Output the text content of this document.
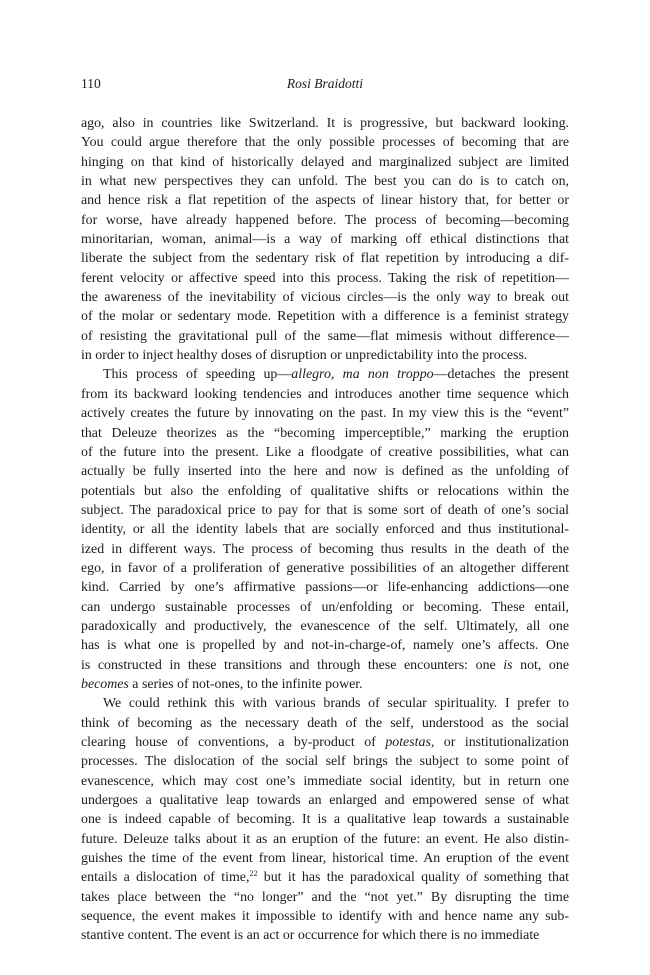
110	Rosi Braidotti
ago, also in countries like Switzerland. It is progressive, but backward looking.
You could argue therefore that the only possible processes of becoming that are
hinging on that kind of historically delayed and marginalized subject are limited
in what new perspectives they can unfold. The best you can do is to catch on,
and hence risk a flat repetition of the aspects of linear history that, for better or
for worse, have already happened before. The process of becoming—becoming
minoritarian, woman, animal—is a way of marking off ethical distinctions that
liberate the subject from the sedentary risk of flat repetition by introducing a dif-
ferent velocity or affective speed into this process. Taking the risk of repetition—
the awareness of the inevitability of vicious circles—is the only way to break out
of the molar or sedentary mode. Repetition with a difference is a feminist strategy
of resisting the gravitational pull of the same—flat mimesis without difference—
in order to inject healthy doses of disruption or unpredictability into the process.
This process of speeding up—allegro, ma non troppo—detaches the present
from its backward looking tendencies and introduces another time sequence which
actively creates the future by innovating on the past. In my view this is the “event”
that Deleuze theorizes as the “becoming imperceptible,” marking the eruption
of the future into the present. Like a floodgate of creative possibilities, what can
actually be fully inserted into the here and now is defined as the unfolding of
potentials but also the enfolding of qualitative shifts or relocations within the
subject. The paradoxical price to pay for that is some sort of death of one’s social
identity, or all the identity labels that are socially enforced and thus institutional-
ized in different ways. The process of becoming thus results in the death of the
ego, in favor of a proliferation of generative possibilities of an altogether different
kind. Carried by one’s affirmative passions—or life-enhancing addictions—one
can undergo sustainable processes of un/enfolding or becoming. These entail,
paradoxically and productively, the evanescence of the self. Ultimately, all one
has is what one is propelled by and not-in-charge-of, namely one’s affects. One
is constructed in these transitions and through these encounters: one is not, one
becomes a series of not-ones, to the infinite power.
We could rethink this with various brands of secular spirituality. I prefer to
think of becoming as the necessary death of the self, understood as the social
clearing house of conventions, a by-product of potestas, or institutionalization
processes. The dislocation of the social self brings the subject to some point of
evanescence, which may cost one’s immediate social identity, but in return one
undergoes a qualitative leap towards an enlarged and empowered sense of what
one is indeed capable of becoming. It is a qualitative leap towards a sustainable
future. Deleuze talks about it as an eruption of the future: an event. He also distin-
guishes the time of the event from linear, historical time. An eruption of the event
entails a dislocation of time,$^{22}$ but it has the paradoxical quality of something that
takes place between the “no longer” and the “not yet.” By disrupting the time
sequence, the event makes it impossible to identify with and hence name any sub-
stantive content. The event is an act or occurrence for which there is no immediate
